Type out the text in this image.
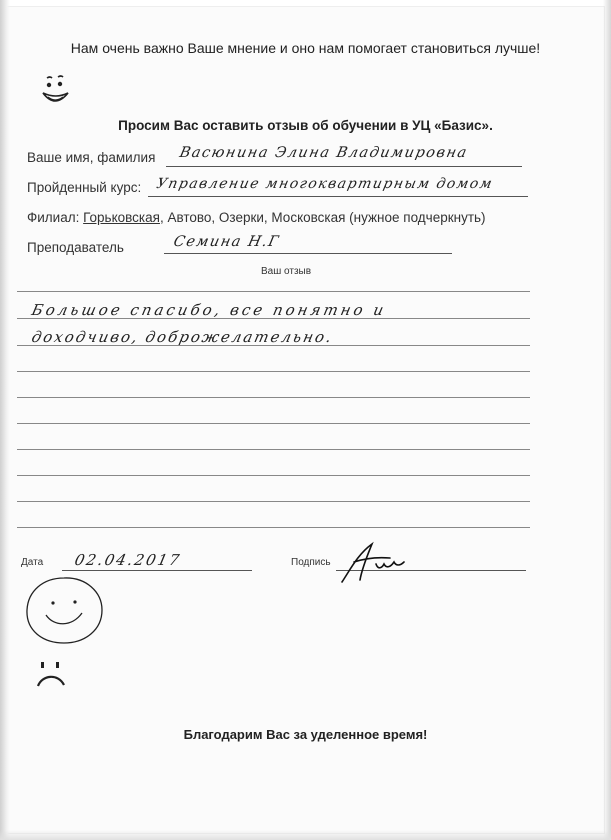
Нам очень важно Ваше мнение и оно нам помогает становиться лучше!
Просим Вас оставить отзыв об обучении в УЦ «Базис».
Ваше имя, фамилия Васюнина Элина Владимировна
Пройденный курс: Управление многоквартирным домом
Филиал: Горьковская, Автово, Озерки, Московская (нужное подчеркнуть)
Преподаватель	Семина Н.Г
Ваш отзыв
Большое спасибо, все понятно и
доходчиво, доброжелательно.
Дата 02.04.2017	Подпись
Благодарим Вас за уделенное время!
